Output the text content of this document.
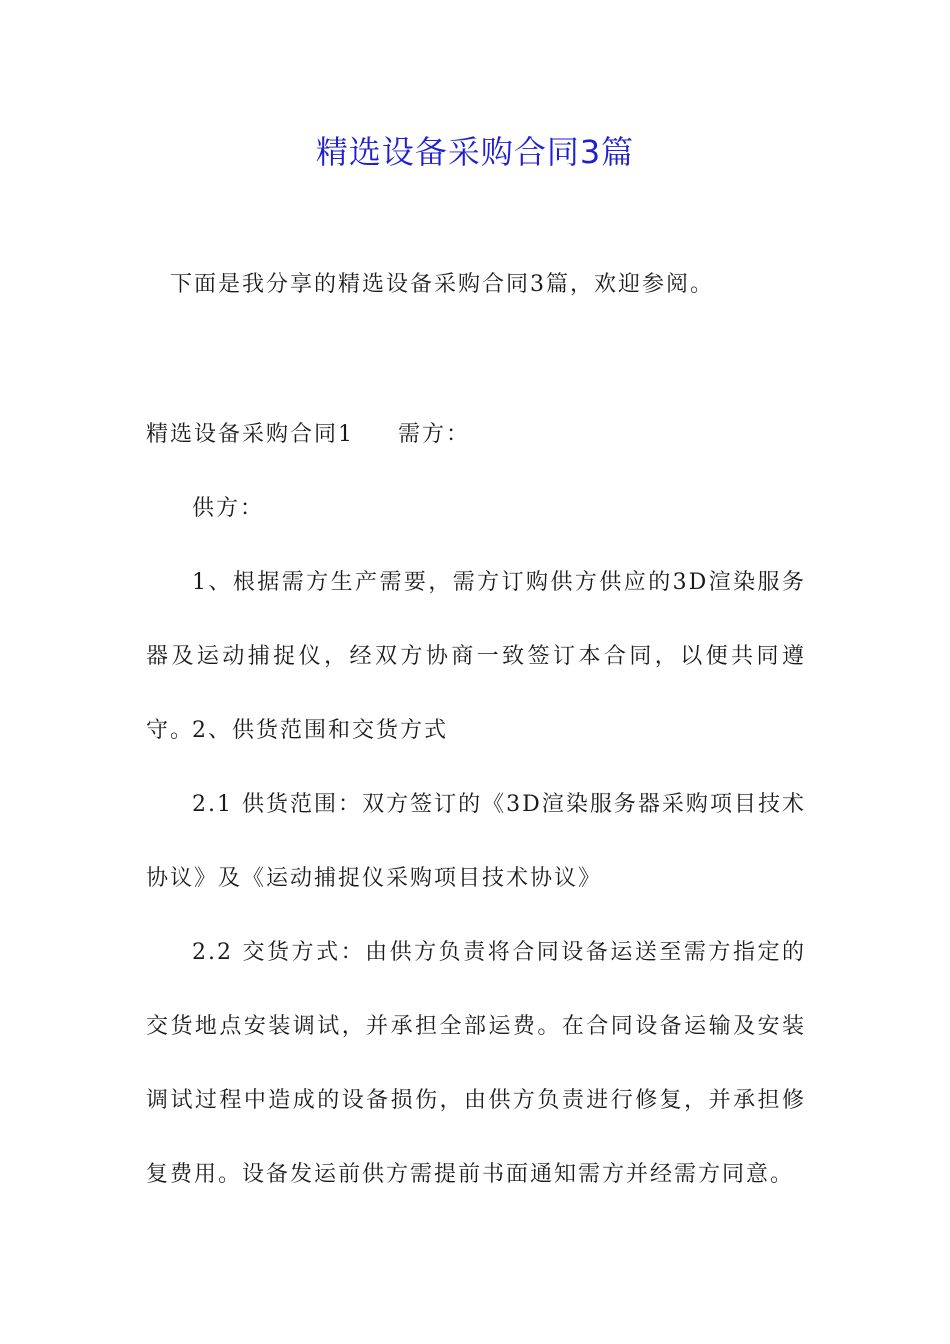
精选设备采购合同3篇

下面是我分享的精选设备采购合同3篇，欢迎参阅。

精选设备采购合同1 需方：

供方：

1、根据需方生产需要，需方订购供方供应的3D渲染服务器及运动捕捉仪，经双方协商一致签订本合同，以便共同遵守。

2、供货范围和交货方式

2.1 供货范围：双方签订的《3D渲染服务器采购项目技术协议》及《运动捕捉仪采购项目技术协议》

2.2 交货方式：由供方负责将合同设备运送至需方指定的交货地点安装调试，并承担全部运费。在合同设备运输及安装调试过程中造成的设备损伤，由供方负责进行修复，并承担修复费用。设备发运前供方需提前书面通知需方并经需方同意。
